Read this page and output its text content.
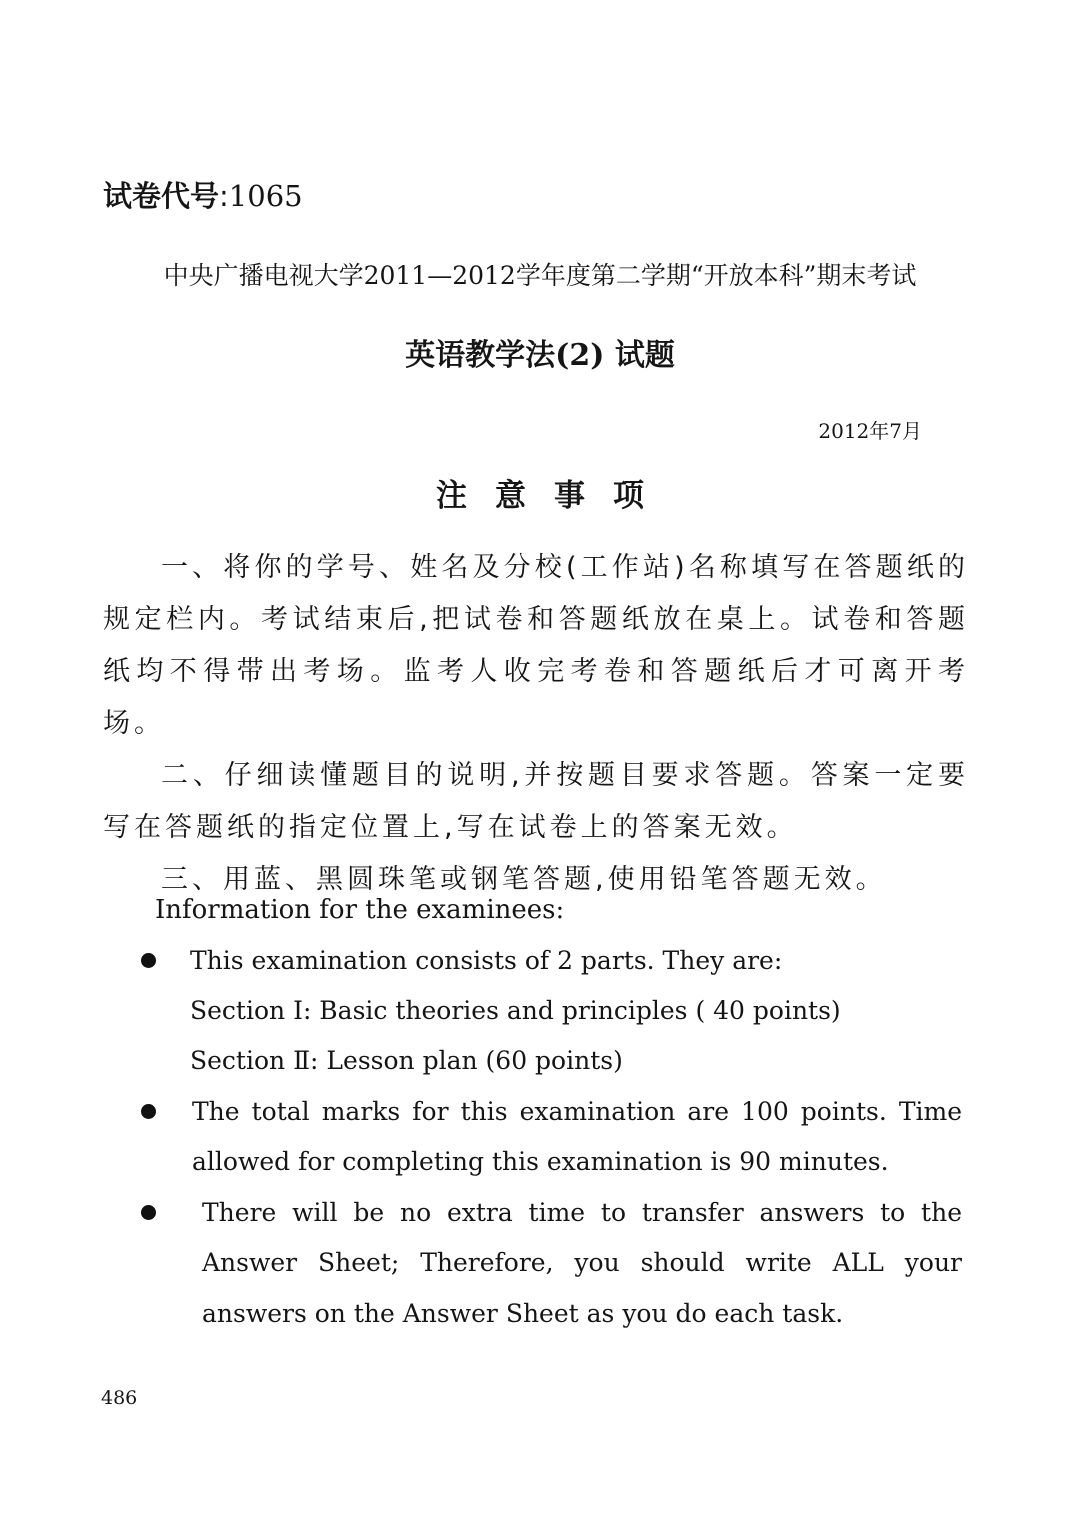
试卷代号:1065
中央广播电视大学2011—2012学年度第二学期“开放本科”期末考试
英语教学法(2) 试题
2012年7月
注意事项

一、将你的学号、姓名及分校(工作站)名称填写在答题纸的规定栏内。考试结束后,把试卷和答题纸放在桌上。试卷和答题纸均不得带出考场。监考人收完考卷和答题纸后才可离开考场。

二、仔细读懂题目的说明,并按题目要求答题。答案一定要写在答题纸的指定位置上,写在试卷上的答案无效。

三、用蓝、黑圆珠笔或钢笔答题,使用铅笔答题无效。

Information for the examinees:
This examination consists of 2 parts. They are:
Section Ⅰ: Basic theories and principles ( 40 points)
Section Ⅱ: Lesson plan (60 points)
The total marks for this examination are 100 points. Time
allowed for completing this examination is 90 minutes.
There will be no extra time to transfer answers to the
Answer Sheet; Therefore, you should write ALL your
answers on the Answer Sheet as you do each task.
486
